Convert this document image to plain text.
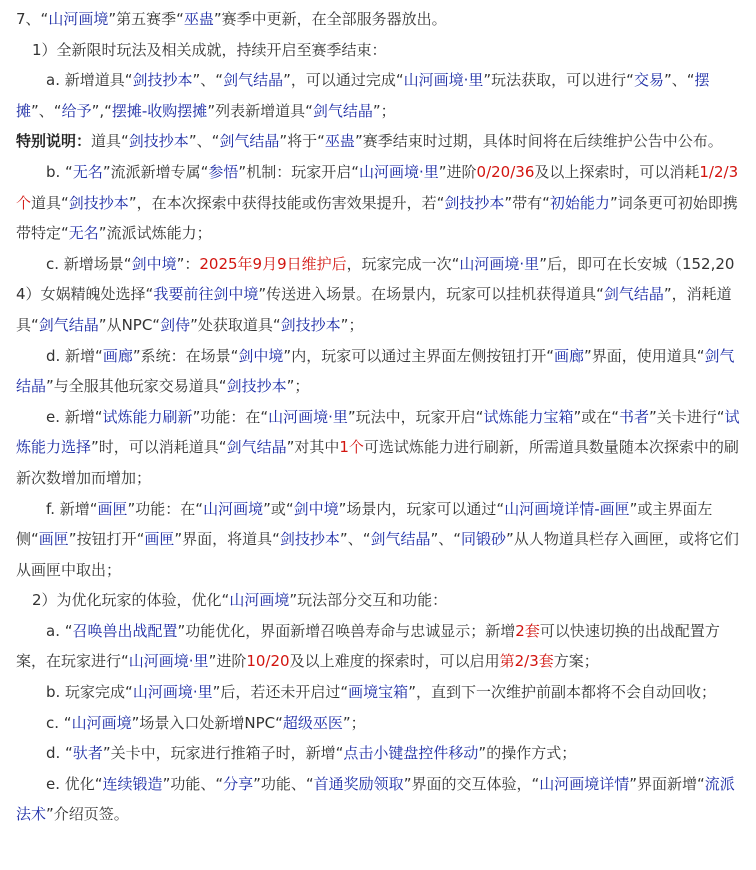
7、“山河画境”第五赛季“巫蛊”赛季中更新，在全部服务器放出。

1）全新限时玩法及相关成就，持续开启至赛季结束：

a. 新增道具“剑技抄本”、“剑气结晶”，可以通过完成“山河画境·里”玩法获取，可以进行“交易”、“摆摊”、“给予”,“摆摊-收购摆摊”列表新增道具“剑气结晶”；

特别说明：道具“剑技抄本”、“剑气结晶”将于“巫蛊”赛季结束时过期，具体时间将在后续维护公告中公布。

b. “无名”流派新增专属“参悟”机制：玩家开启“山河画境·里”进阶0/20/36及以上探索时，可以消耗1/2/3个道具“剑技抄本”，在本次探索中获得技能或伤害效果提升，若“剑技抄本”带有“初始能力”词条更可初始即携带特定“无名”流派试炼能力；

c. 新增场景“剑中境”：2025年9月9日维护后，玩家完成一次“山河画境·里”后，即可在长安城（152,204）女娲精魄处选择“我要前往剑中境”传送进入场景。在场景内，玩家可以挂机获得道具“剑气结晶”，消耗道具“剑气结晶”从NPC“剑侍”处获取道具“剑技抄本”；

d. 新增“画廊”系统：在场景“剑中境”内，玩家可以通过主界面左侧按钮打开“画廊”界面，使用道具“剑气结晶”与全服其他玩家交易道具“剑技抄本”；

e. 新增“试炼能力刷新”功能：在“山河画境·里”玩法中，玩家开启“试炼能力宝箱”或在“书者”关卡进行“试炼能力选择”时，可以消耗道具“剑气结晶”对其中1个可选试炼能力进行刷新，所需道具数量随本次探索中的刷新次数增加而增加；

f. 新增“画匣”功能：在“山河画境”或“剑中境”场景内，玩家可以通过“山河画境详情-画匣”或主界面左侧“画匣”按钮打开“画匣”界面，将道具“剑技抄本”、“剑气结晶”、“同锻砂”从人物道具栏存入画匣，或将它们从画匣中取出；

2）为优化玩家的体验，优化“山河画境”玩法部分交互和功能：

a. “召唤兽出战配置”功能优化，界面新增召唤兽寿命与忠诚显示；新增2套可以快速切换的出战配置方案，在玩家进行“山河画境·里”进阶10/20及以上难度的探索时，可以启用第2/3套方案；

b. 玩家完成“山河画境·里”后，若还未开启过“画境宝箱”，直到下一次维护前副本都将不会自动回收；

c. “山河画境”场景入口处新增NPC“超级巫医”；

d. “驮者”关卡中，玩家进行推箱子时，新增“点击小键盘控件移动”的操作方式；

e. 优化“连续锻造”功能、“分享”功能、“首通奖励领取”界面的交互体验，“山河画境详情”界面新增“流派法术”介绍页签。
